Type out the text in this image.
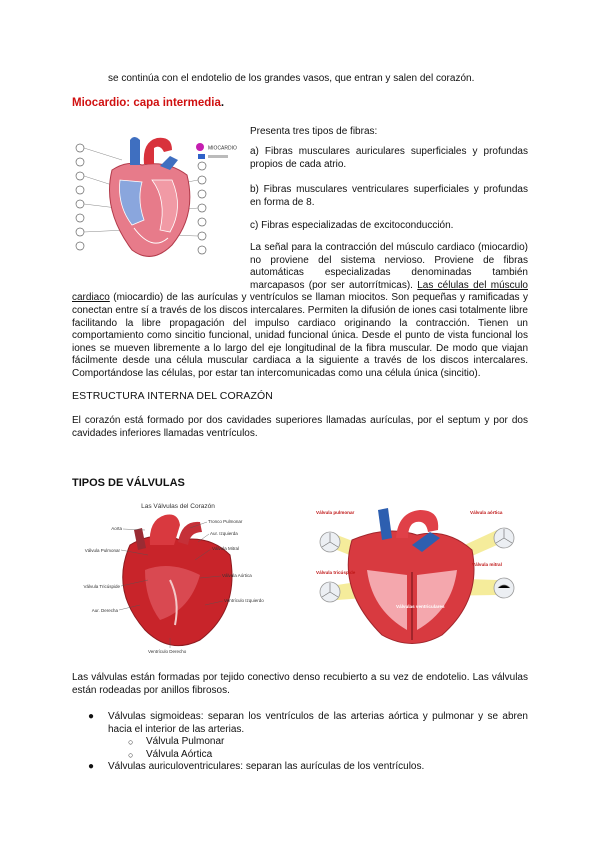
se continúa con el endotelio de los grandes vasos, que entran y salen del corazón.

Miocardio: capa intermedia.
MIOCARDIO

Presenta tres tipos de fibras:

a) Fibras musculares auriculares superficiales y profundas propios de cada atrio.

b) Fibras musculares ventriculares superficiales y profundas en forma de 8.

c) Fibras especializadas de excitoconducción.

La señal para la contracción del músculo cardiaco (miocardio) no proviene del sistema nervioso. Proviene de fibras automáticas especializadas denominadas también marcapasos (por ser autorrítmicas). Las células del músculo cardiaco (miocardio) de las aurículas y ventrículos se llaman miocitos. Son pequeñas y ramificadas y conectan entre sí a través de los discos intercalares. Permiten la difusión de iones casi totalmente libre facilitando la libre propagación del impulso cardiaco originando la contracción. Tienen un comportamiento como sincitio funcional, unidad funcional única. Desde el punto de vista funcional los iones se mueven libremente a lo largo del eje longitudinal de la fibra muscular. De modo que viajan fácilmente desde una célula muscular cardiaca a la siguiente a través de los discos intercalares. Comportándose las células, por estar tan intercomunicadas como una célula única (sincitio).
ESTRUCTURA INTERNA DEL CORAZÓN

El corazón está formado por dos cavidades superiores llamadas aurículas, por el septum y por dos cavidades inferiores llamadas ventrículos.

TIPOS DE VÁLVULAS
Las Válvulas del Corazón
Aorta
Válvula Pulmonar
Válvula Tricúspide
Aur. Derecha
Tronco Pulmonar
Aur. Izquierda
Válvula Mitral
Válvula Aórtica
Ventrículo Izquierdo
Ventrículo Derecho
Válvula pulmonar	Válvula aórtica
Válvula tricúspide
Válvula mitral
Válvulas ventriculares

Las válvulas están formadas por tejido conectivo denso recubierto a su vez de endotelio. Las válvulas están rodeadas por anillos fibrosos.

● Válvulas sigmoideas: separan los ventrículos de las arterias aórtica y pulmonar y se abren hacia el interior de las arterias.
○ Válvula Pulmonar
○ Válvula Aórtica
● Válvulas auriculoventriculares: separan las aurículas de los ventrículos.
